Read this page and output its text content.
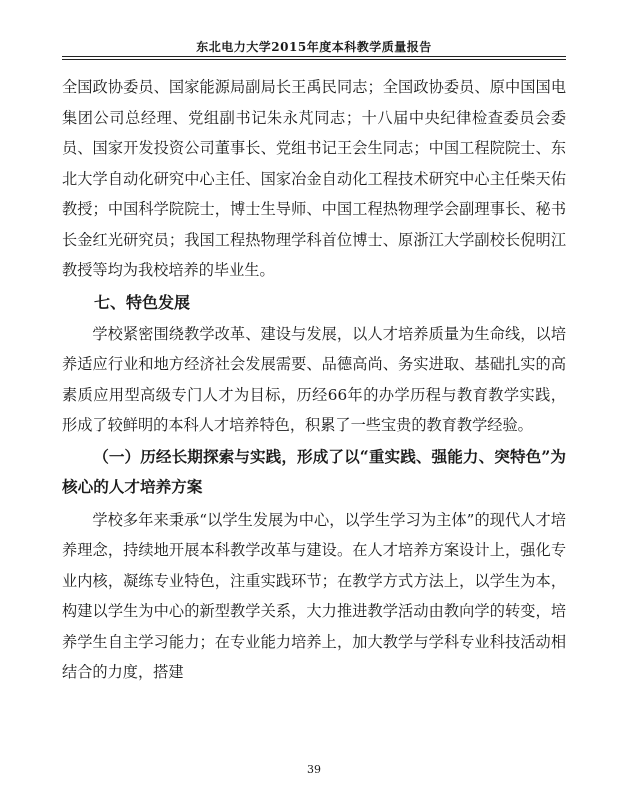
东北电力大学2015年度本科教学质量报告

全国政协委员、国家能源局副局长王禹民同志；全国政协委员、原中国国电集团公司总经理、党组副书记朱永芃同志；十八届中央纪律检查委员会委员、国家开发投资公司董事长、党组书记王会生同志；中国工程院院士、东北大学自动化研究中心主任、国家冶金自动化工程技术研究中心主任柴天佑教授；中国科学院院士，博士生导师、中国工程热物理学会副理事长、秘书长金红光研究员；我国工程热物理学科首位博士、原浙江大学副校长倪明江教授等均为我校培养的毕业生。

七、特色发展

学校紧密围绕教学改革、建设与发展，以人才培养质量为生命线，以培养适应行业和地方经济社会发展需要、品德高尚、务实进取、基础扎实的高素质应用型高级专门人才为目标，历经66年的办学历程与教育教学实践，形成了较鲜明的本科人才培养特色，积累了一些宝贵的教育教学经验。

（一）历经长期探索与实践，形成了以“重实践、强能力、突特色”为核心的人才培养方案

学校多年来秉承“以学生发展为中心，以学生学习为主体”的现代人才培养理念，持续地开展本科教学改革与建设。在人才培养方案设计上，强化专业内核，凝练专业特色，注重实践环节；在教学方式方法上，以学生为本，构建以学生为中心的新型教学关系，大力推进教学活动由教向学的转变，培养学生自主学习能力；在专业能力培养上，加大教学与学科专业科技活动相结合的力度，搭建

39
